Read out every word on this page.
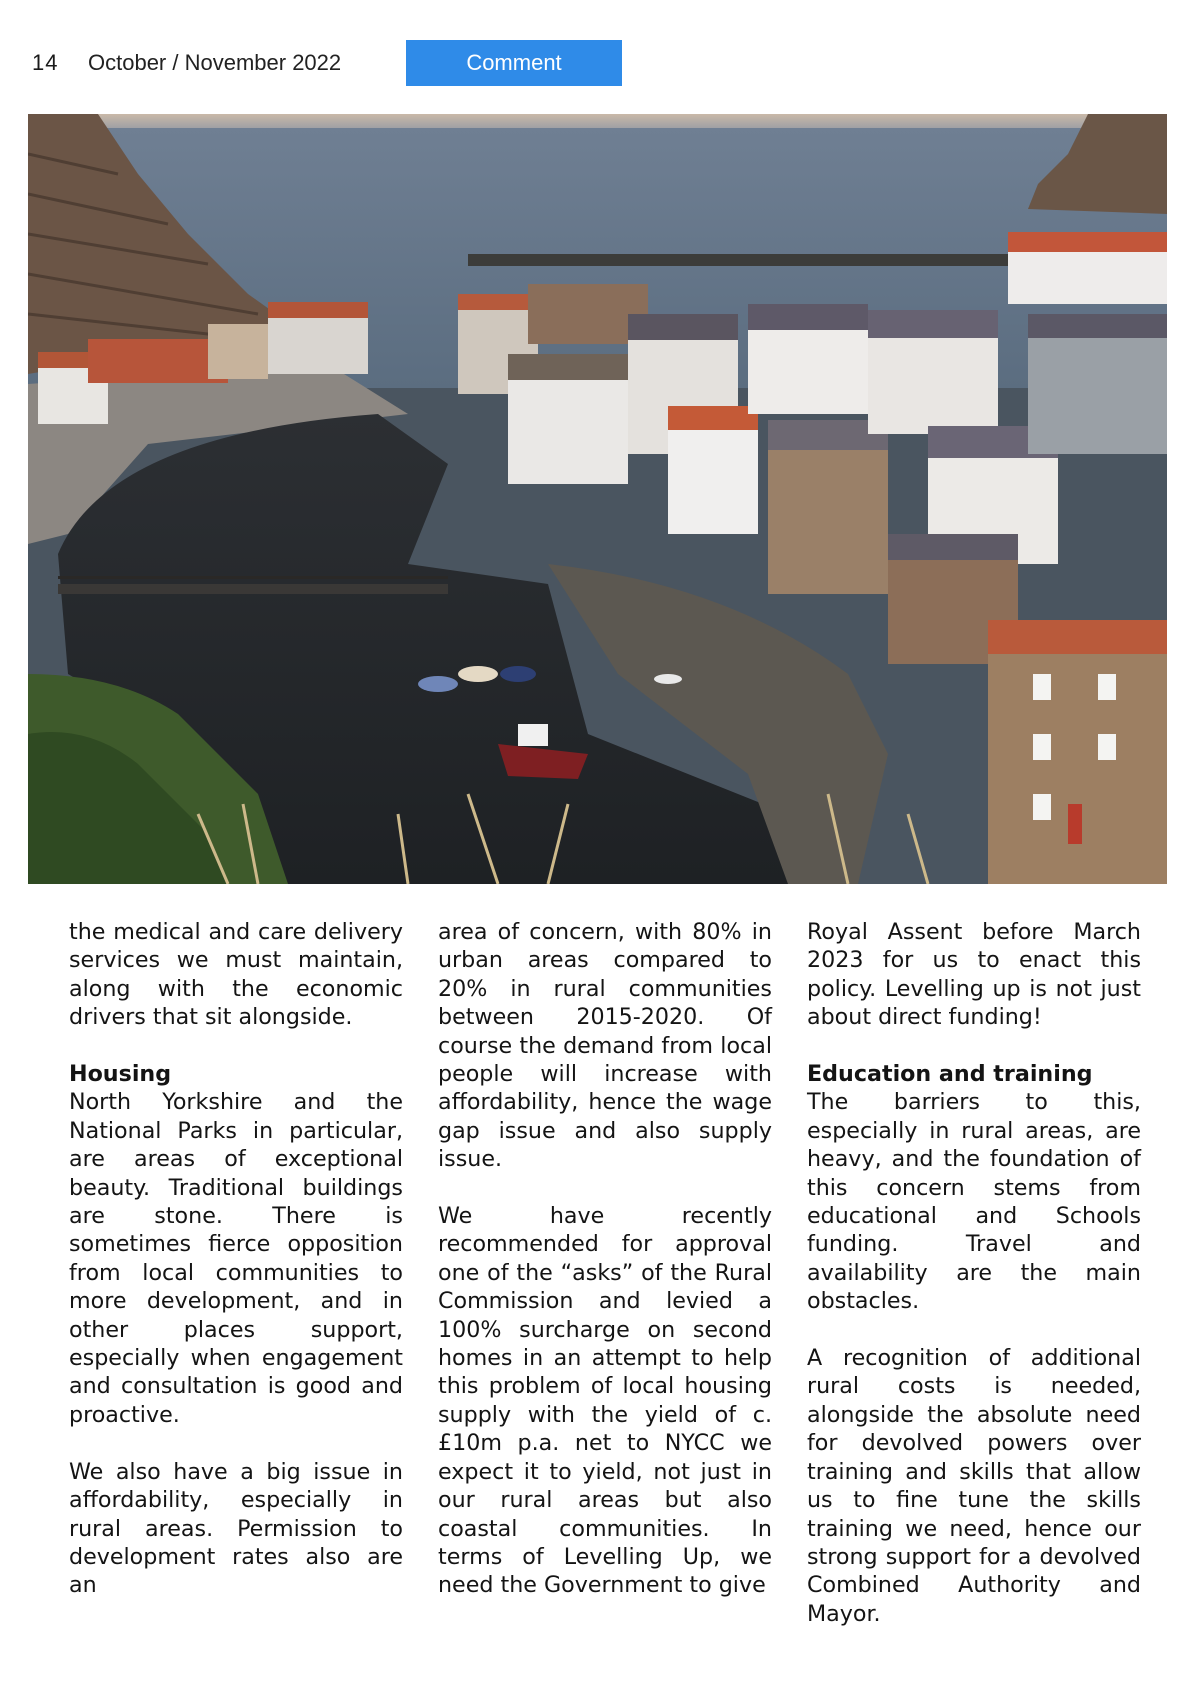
14 October / November 2022	Comment

the medical and care delivery services we must maintain, along with the economic drivers that sit alongside.

Housing

North Yorkshire and the National Parks in particular, are areas of exceptional beauty. Traditional buildings are stone. There is sometimes fierce opposition from local communities to more development, and in other places support, especially when engagement and consultation is good and proactive.

We also have a big issue in affordability, especially in rural areas. Permission to development rates also are an

area of concern, with 80% in urban areas compared to 20% in rural communities between 2015-2020. Of course the demand from local people will increase with affordability, hence the wage gap issue and also supply issue.

We have recently recommended for approval one of the “asks” of the Rural Commission and levied a 100% surcharge on second homes in an attempt to help this problem of local housing supply with the yield of c.£10m p.a. net to NYCC we expect it to yield, not just in our rural areas but also coastal communities. In terms of Levelling Up, we need the Government to give

Royal Assent before March 2023 for us to enact this policy. Levelling up is not just about direct funding!

Education and training

The barriers to this, especially in rural areas, are heavy, and the foundation of this concern stems from educational and Schools funding. Travel and availability are the main obstacles.

A recognition of additional rural costs is needed, alongside the absolute need for devolved powers over training and skills that allow us to fine tune the skills training we need, hence our strong support for a devolved Combined Authority and Mayor.
